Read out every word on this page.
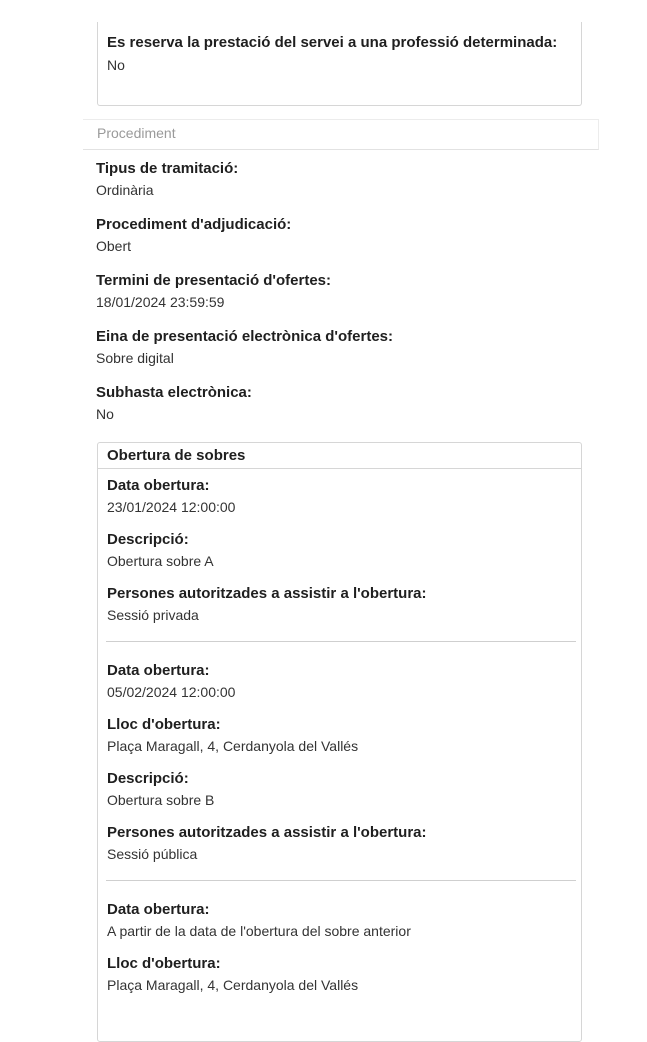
Es reserva la prestació del servei a una professió determinada:

No

Procediment

Tipus de tramitació:

Ordinària

Procediment d'adjudicació:

Obert

Termini de presentació d'ofertes:

18/01/2024 23:59:59

Eina de presentació electrònica d'ofertes:

Sobre digital

Subhasta electrònica:

No

Obertura de sobres

Data obertura:

23/01/2024 12:00:00

Descripció:

Obertura sobre A

Persones autoritzades a assistir a l'obertura:

Sessió privada

Data obertura:

05/02/2024 12:00:00

Lloc d'obertura:

Plaça Maragall, 4, Cerdanyola del Vallés

Descripció:

Obertura sobre B

Persones autoritzades a assistir a l'obertura:

Sessió pública

Data obertura:

A partir de la data de l'obertura del sobre anterior

Lloc d'obertura:

Plaça Maragall, 4, Cerdanyola del Vallés
